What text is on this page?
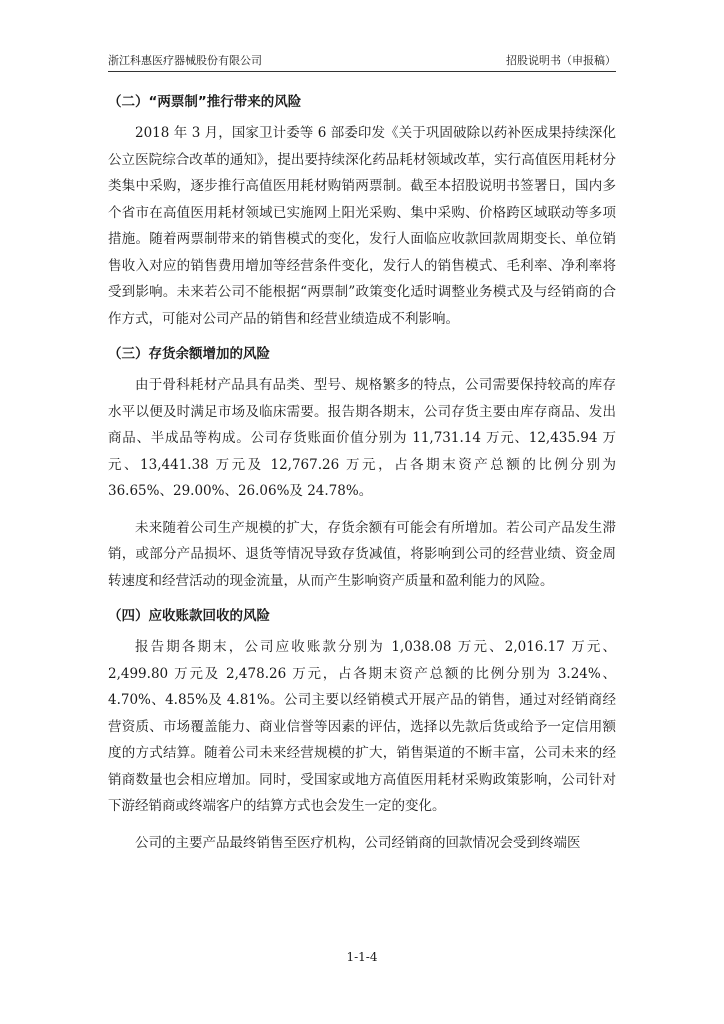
浙江科惠医疗器械股份有限公司	招股说明书（申报稿）
（二）“两票制”推行带来的风险

2018 年 3 月，国家卫计委等 6 部委印发《关于巩固破除以药补医成果持续深化公立医院综合改革的通知》，提出要持续深化药品耗材领域改革，实行高值医用耗材分类集中采购，逐步推行高值医用耗材购销两票制。截至本招股说明书签署日，国内多个省市在高值医用耗材领域已实施网上阳光采购、集中采购、价格跨区域联动等多项措施。随着两票制带来的销售模式的变化，发行人面临应收款回款周期变长、单位销售收入对应的销售费用增加等经营条件变化，发行人的销售模式、毛利率、净利率将受到影响。未来若公司不能根据“两票制”政策变化适时调整业务模式及与经销商的合作方式，可能对公司产品的销售和经营业绩造成不利影响。

（三）存货余额增加的风险

由于骨科耗材产品具有品类、型号、规格繁多的特点，公司需要保持较高的库存水平以便及时满足市场及临床需要。报告期各期末，公司存货主要由库存商品、发出商品、半成品等构成。公司存货账面价值分别为 11,731.14 万元、12,435.94 万元、13,441.38 万元及 12,767.26 万元，占各期末资产总额的比例分别为 36.65%、29.00%、26.06%及 24.78%。

未来随着公司生产规模的扩大，存货余额有可能会有所增加。若公司产品发生滞销，或部分产品损坏、退货等情况导致存货减值，将影响到公司的经营业绩、资金周转速度和经营活动的现金流量，从而产生影响资产质量和盈利能力的风险。

（四）应收账款回收的风险

报告期各期末，公司应收账款分别为 1,038.08 万元、2,016.17 万元、2,499.80 万元及 2,478.26 万元，占各期末资产总额的比例分别为 3.24%、4.70%、4.85%及 4.81%。公司主要以经销模式开展产品的销售，通过对经销商经营资质、市场覆盖能力、商业信誉等因素的评估，选择以先款后货或给予一定信用额度的方式结算。随着公司未来经营规模的扩大，销售渠道的不断丰富，公司未来的经销商数量也会相应增加。同时，受国家或地方高值医用耗材采购政策影响，公司针对下游经销商或终端客户的结算方式也会发生一定的变化。

公司的主要产品最终销售至医疗机构，公司经销商的回款情况会受到终端医

1-1-4
